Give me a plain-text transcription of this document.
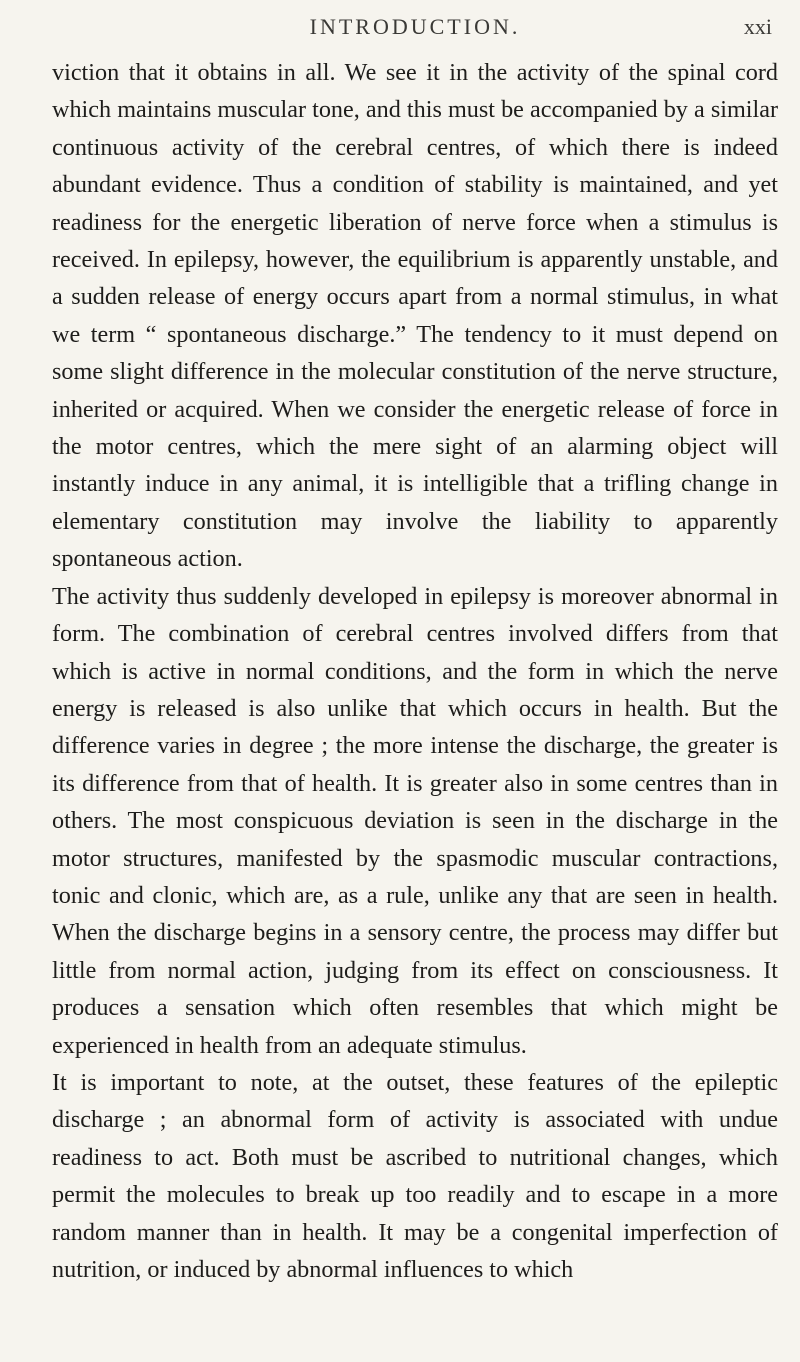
INTRODUCTION.	xxi

viction that it obtains in all. We see it in the activity of the spinal cord which maintains muscular tone, and this must be accompanied by a similar continuous activity of the cerebral centres, of which there is indeed abundant evidence. Thus a condition of stability is maintained, and yet readiness for the energetic liberation of nerve force when a stimulus is received. In epilepsy, however, the equilibrium is apparently unstable, and a sudden release of energy occurs apart from a normal stimulus, in what we term “ spontaneous discharge.” The tendency to it must depend on some slight difference in the molecular constitution of the nerve structure, inherited or acquired. When we consider the energetic release of force in the motor centres, which the mere sight of an alarming object will instantly induce in any animal, it is intelligible that a trifling change in elementary constitution may involve the liability to apparently spontaneous action.

The activity thus suddenly developed in epilepsy is moreover abnormal in form. The combination of cerebral centres involved differs from that which is active in normal conditions, and the form in which the nerve energy is released is also unlike that which occurs in health. But the difference varies in degree ; the more intense the discharge, the greater is its difference from that of health. It is greater also in some centres than in others. The most conspicuous deviation is seen in the discharge in the motor structures, manifested by the spasmodic muscular contractions, tonic and clonic, which are, as a rule, unlike any that are seen in health. When the discharge begins in a sensory centre, the process may differ but little from normal action, judging from its effect on consciousness. It produces a sensation which often resembles that which might be experienced in health from an adequate stimulus.

It is important to note, at the outset, these features of the epileptic discharge ; an abnormal form of activity is associated with undue readiness to act. Both must be ascribed to nutritional changes, which permit the molecules to break up too readily and to escape in a more random manner than in health. It may be a congenital imperfection of nutrition, or induced by abnormal influences to which
